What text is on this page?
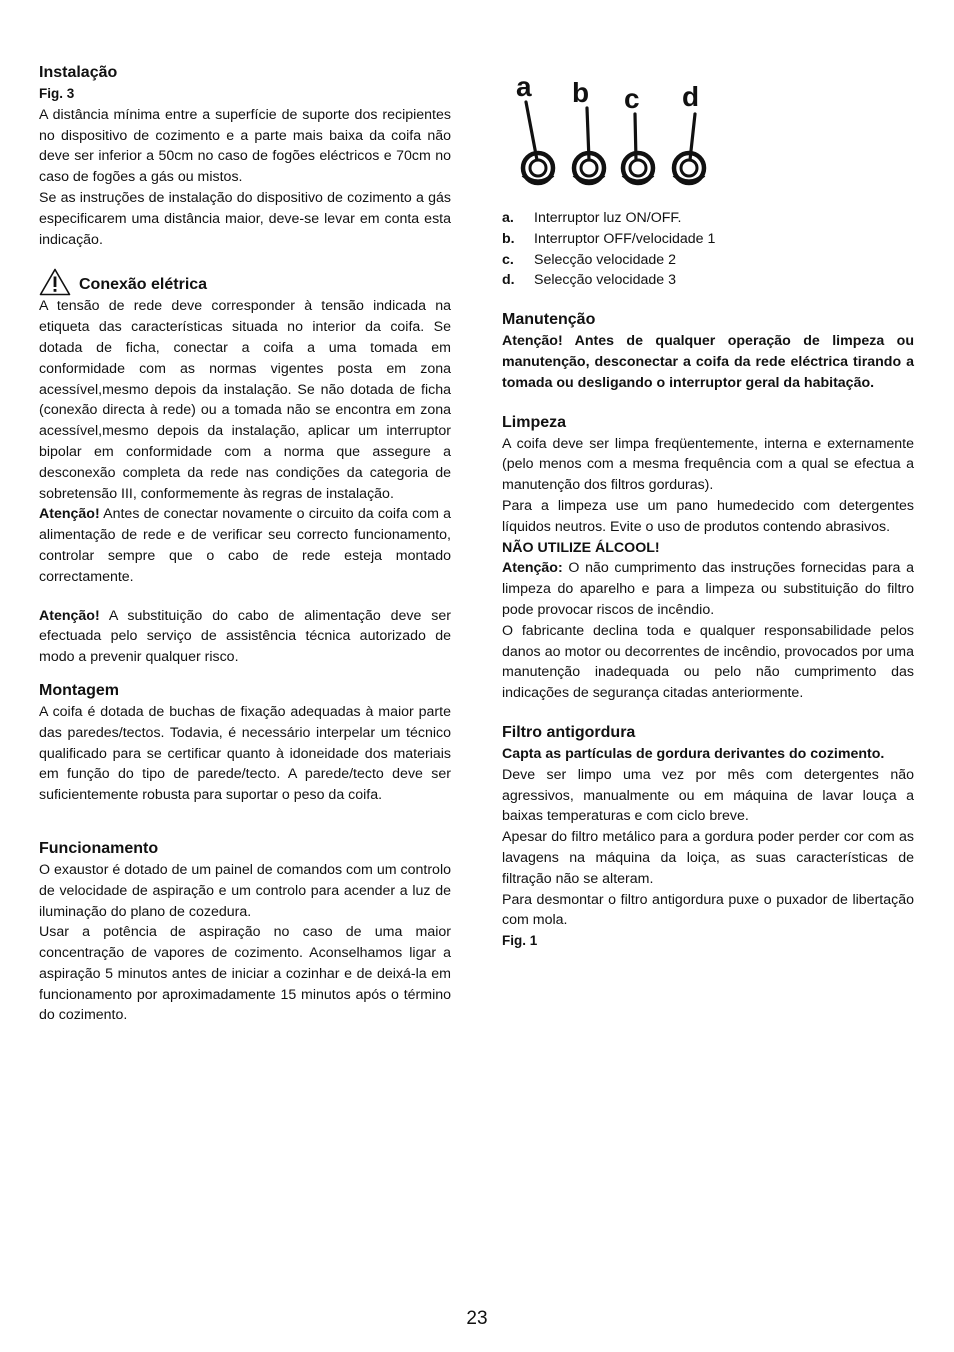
Instalação
Fig. 3

A distância mínima entre a superfície de suporte dos recipientes no dispositivo de cozimento e a parte mais baixa da coifa não deve ser inferior a 50cm no caso de fogões eléctricos e 70cm no caso de fogões a gás ou mistos.

Se as instruções de instalação do dispositivo de cozimento a gás especificarem uma distância maior, deve-se levar em conta esta indicação.

Conexão elétrica

A tensão de rede deve corresponder à tensão indicada na etiqueta das características situada no interior da coifa. Se dotada de ficha, conectar a coifa a uma tomada em conformidade com as normas vigentes posta em zona acessível,mesmo depois da instalação. Se não dotada de ficha (conexão directa à rede) ou a tomada não se encontra em zona acessível,mesmo depois da instalação, aplicar um interruptor bipolar em conformidade com a norma que assegure a desconexão completa da rede nas condições da categoria de sobretensão III, conformemente às regras de instalação.

Atenção! Antes de conectar novamente o circuito da coifa com a alimentação de rede e de verificar seu correcto funcionamento, controlar sempre que o cabo de rede esteja montado correctamente.

Atenção! A substituição do cabo de alimentação deve ser efectuada pelo serviço de assistência técnica autorizado de modo a prevenir qualquer risco.

Montagem

A coifa é dotada de buchas de fixação adequadas à maior parte das paredes/tectos. Todavia, é necessário interpelar um técnico qualificado para se certificar quanto à idoneidade dos materiais em função do tipo de parede/tecto. A parede/tecto deve ser suficientemente robusta para suportar o peso da coifa.

Funcionamento

O exaustor é dotado de um painel de comandos com um controlo de velocidade de aspiração e um controlo para acender a luz de iluminação do plano de cozedura.

Usar a potência de aspiração no caso de uma maior concentração de vapores de cozimento. Aconselhamos ligar a aspiração 5 minutos antes de iniciar a cozinhar e de deixá-la em funcionamento por aproximadamente 15 minutos após o término do cozimento.

a b c d
a.	Interruptor luz ON/OFF.
b.	Interruptor OFF/velocidade 1
c.	Selecção velocidade 2
d.	Selecção velocidade 3
Manutenção

Atenção! Antes de qualquer operação de limpeza ou manutenção, desconectar a coifa da rede eléctrica tirando a tomada ou desligando o interruptor geral da habitação.

Limpeza

A coifa deve ser limpa freqüentemente, interna e externamente (pelo menos com a mesma frequência com a qual se efectua a manutenção dos filtros gorduras).

Para a limpeza use um pano humedecido com detergentes líquidos neutros. Evite o uso de produtos contendo abrasivos.

NÃO UTILIZE ÁLCOOL!

Atenção: O não cumprimento das instruções fornecidas para a limpeza do aparelho e para a limpeza ou substituição do filtro pode provocar riscos de incêndio.

O fabricante declina toda e qualquer responsabilidade pelos danos ao motor ou decorrentes de incêndio, provocados por uma manutenção inadequada ou pelo não cumprimento das indicações de segurança citadas anteriormente.

Filtro antigordura

Capta as partículas de gordura derivantes do cozimento.

Deve ser limpo uma vez por mês com detergentes não agressivos, manualmente ou em máquina de lavar louça a baixas temperaturas e com ciclo breve.

Apesar do filtro metálico para a gordura poder perder cor com as lavagens na máquina da loiça, as suas características de filtração não se alteram.

Para desmontar o filtro antigordura puxe o puxador de libertação com mola.

Fig. 1
23
